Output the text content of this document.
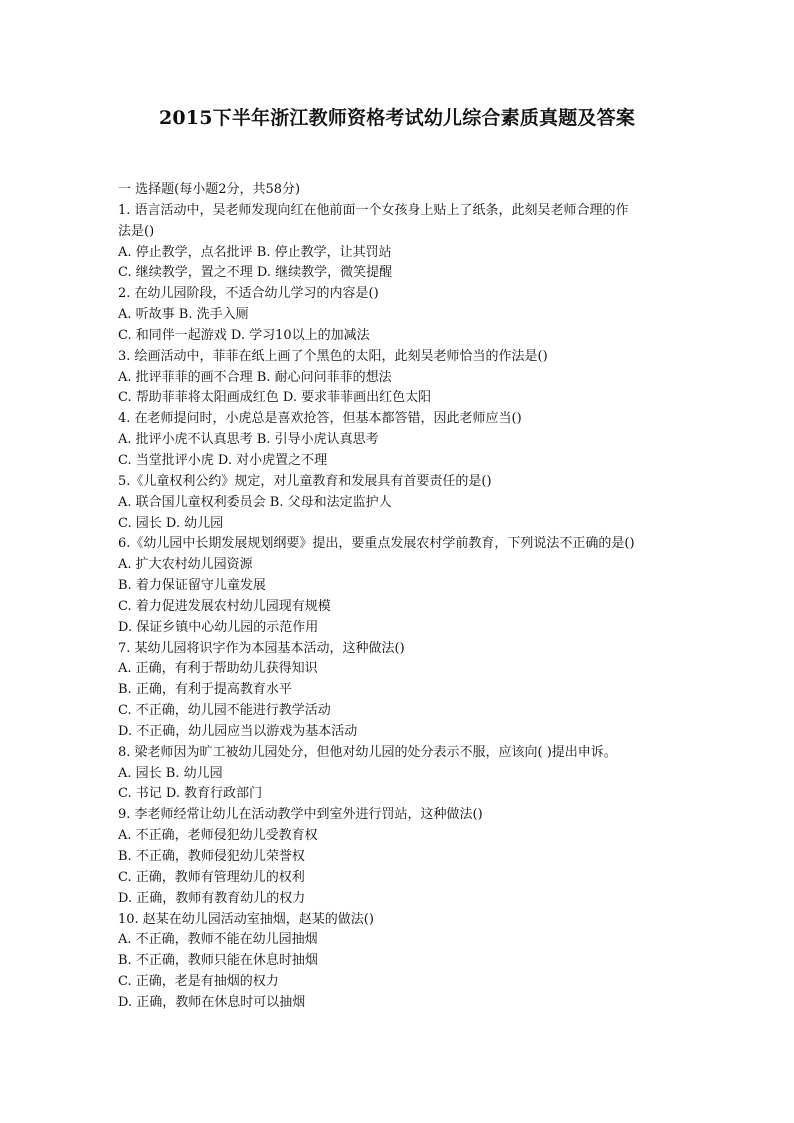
2015下半年浙江教师资格考试幼儿综合素质真题及答案

一 选择题(每小题2分，共58分)

1. 语言活动中，吴老师发现向红在他前面一个女孩身上贴上了纸条，此刻吴老师合理的作

法是()

A. 停止教学，点名批评 B. 停止教学，让其罚站

C. 继续教学，置之不理 D. 继续教学，微笑提醒

2. 在幼儿园阶段，不适合幼儿学习的内容是()

A. 听故事 B. 洗手入厕

C. 和同伴一起游戏 D. 学习10以上的加减法

3. 绘画活动中，菲菲在纸上画了个黑色的太阳，此刻吴老师恰当的作法是()

A. 批评菲菲的画不合理 B. 耐心问问菲菲的想法

C. 帮助菲菲将太阳画成红色 D. 要求菲菲画出红色太阳

4. 在老师提问时，小虎总是喜欢抢答，但基本都答错，因此老师应当()

A. 批评小虎不认真思考 B. 引导小虎认真思考

C. 当堂批评小虎 D. 对小虎置之不理

5.《儿童权利公约》规定，对儿童教育和发展具有首要责任的是()

A. 联合国儿童权利委员会 B. 父母和法定监护人

C. 园长 D. 幼儿园

6.《幼儿园中长期发展规划纲要》提出，要重点发展农村学前教育，下列说法不正确的是()

A. 扩大农村幼儿园资源

B. 着力保证留守儿童发展

C. 着力促进发展农村幼儿园现有规模

D. 保证乡镇中心幼儿园的示范作用

7. 某幼儿园将识字作为本园基本活动，这种做法()

A. 正确，有利于帮助幼儿获得知识

B. 正确，有利于提高教育水平

C. 不正确，幼儿园不能进行教学活动

D. 不正确，幼儿园应当以游戏为基本活动

8. 梁老师因为旷工被幼儿园处分，但他对幼儿园的处分表示不服，应该向( )提出申诉。

A. 园长 B. 幼儿园

C. 书记 D. 教育行政部门

9. 李老师经常让幼儿在活动教学中到室外进行罚站，这种做法()

A. 不正确，老师侵犯幼儿受教育权

B. 不正确，教师侵犯幼儿荣誉权

C. 正确，教师有管理幼儿的权利

D. 正确，教师有教育幼儿的权力

10. 赵某在幼儿园活动室抽烟，赵某的做法()

A. 不正确，教师不能在幼儿园抽烟

B. 不正确，教师只能在休息时抽烟

C. 正确，老是有抽烟的权力

D. 正确，教师在休息时可以抽烟
